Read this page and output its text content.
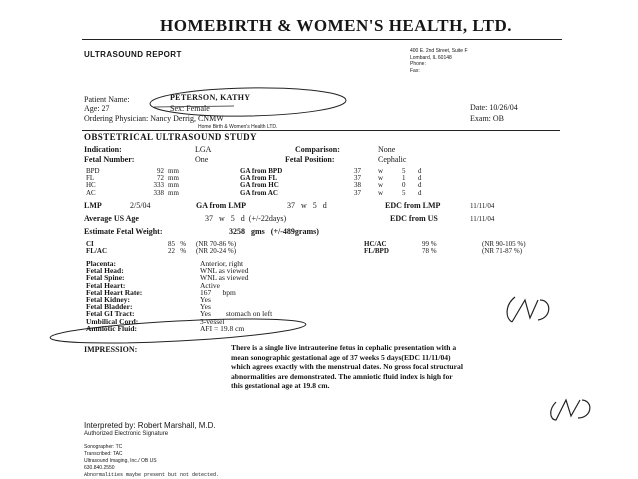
HOMEBIRTH & WOMEN'S HEALTH, LTD.
ULTRASOUND REPORT	400 E. 2nd Street, Suite F
Lombard, IL 60148
Phone:
Fax:
Patient Name:	PETERSON, KATHY
Age: 27	Sex: Female	Date: 10/26/04
Ordering Physician: Nancy Derrig, CNMW
Home Birth & Women's Health LTD.
Exam: OB
OBSTETRICAL ULTRASOUND STUDY
Indication:	LGA	Comparison:	None
Fetal Number:	One	Fetal Position:	Cephalic
BPD	92	mm	GA from BPD	37	w	5	d
FL	72	mm	GA from FL	37	w	1	d
HC	333	mm	GA from HC	38	w	0	d
AC	338	mm	GA from AC	37	w	5	d
LMP	2/5/04	GA from LMP	37   w   5   d	EDC from LMP	11/11/04
Average US Age	37   w   5   d  (+/-22days)	EDC from US	11/11/04
Estimate Fetal Weight:	3258   gms   (+/-489grams)
CI	85   %	(NR 70-86 %)	HC/AC	99 %	(NR 90-105 %)
FL/AC	22   %	(NR 20-24 %)	FL/BPD	78 %	(NR 71-87 %)
Placenta:	Anterior, right
Fetal Head:	WNL as viewed
Fetal Spine:	WNL as viewed
Fetal Heart:	Active
Fetal Heart Rate:	167      bpm
Fetal Kidney:	Yes
Fetal Bladder:	Yes
Fetal GI Tract:	Yes        stomach on left
Umbilical Cord:	3-vessel
Amniotic Fluid:	AFI = 19.8 cm
IMPRESSION:	There is a single live intrauterine fetus in cephalic presentation with a
mean sonographic gestational age of 37 weeks 5 days(EDC 11/11/04)
which agrees exactly with the menstrual dates. No gross focal structural
abnormalities are demonstrated. The amniotic fluid index is high for
this gestational age at 19.8 cm.
Interpreted by: Robert Marshall, M.D.
Authorized Electronic Signature
Sonographer: TC
Transcribed: TAC
Ultrasound Imaging, Inc./ OB US
630.840.2550
Abnormalities maybe present but not detected.
